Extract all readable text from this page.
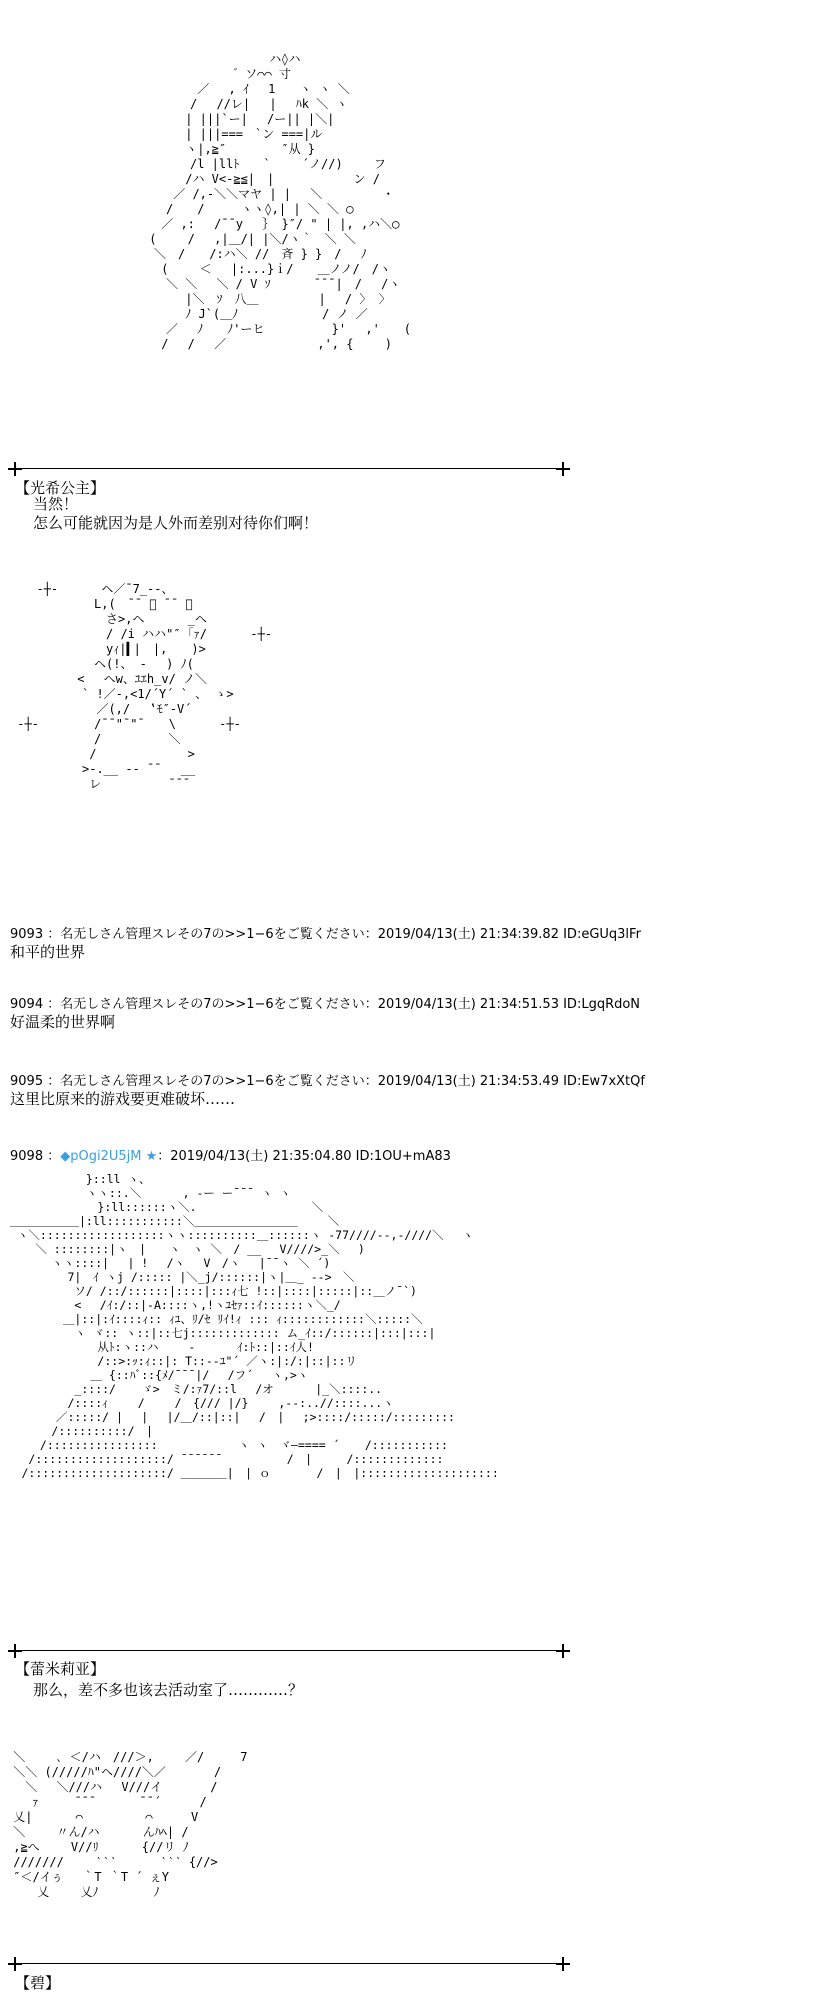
　　　　　　　　　　　　　　　　ハ◊ハ
　　　　　　　　　　　　　 ゛ソ⌒⌒ 寸
　　　　　　　　　　 ／　 , ｲ　 1　　ヽ ヽ ＼
　　　　　　　　　　/　 //レ|　 |　 ﾊk ＼ ヽ
　　　　　　　　　 | |||`ー|　 /ー|| |＼|
　　　　　　　　　 | |||===　`ン ===|ル
　　　　　　　　　 ヽ|,≧″　　　　 ″从 }
　　　　　　　　　　/l |llﾄ　　` 　　´ノ//)　　 フ
　　　　　　　　　 /ハ V<-≧≦|　|　　　　　　 ン /
　　　　　　　　 ／ /,-＼＼マヤ | |　 ＼　　　　　・
　　　　　　　　/　　/　　　ヽヽ◊,| | ＼ ＼ ◯
　　　　　　　 ／ ,:　 /¯¯y　 ｝ }″/ " | |, ,ハ＼◯
　　　　　　 (　　 /　 ,|＿/| |＼/ヽ｀　＼ ＼
　　　　　　　＼　/　　/:ハ＼ //　斉 } }　/　 ﾉ
　　　　　　　 (　　 ＜　 |:...}ｉ/　　＿ノノ/　/ヽ
　　　　　　　　＼ ＼　 ＼ / V ｿ　　　 ¯¯¯|　/　 /ヽ
　　　　　　　　　 |＼　ｿ　八＿　　　　　| 　/ 〉 〉
　　　　　　　　　 ﾉ J`(＿ﾉ　　　　　　　/ ノ ／
　　　　　　　　／　 ﾉ　　ﾉ'ーヒ　　　　　 }'　 ,'　　(
　　　　　　　 / 　/ 　／　　　　　　　 ,', {　　 )
【光希公主】
当然！
怎么可能就因为是人外而差别对待你们啊！
　 -┼-　　　 ヘ／¯7_--、
　　　　　　　L,(　¯¯ ゙ ¯¯ 、
　　　　　　　　さ>,ヘ　　　 _ヘ
　　　　　　　　/ /i ハハ"″ ｢ｧ/　　　 -┼-
　　　　　　　　yｨ|▍|　|,　　)>
　　　　　　　ヘ(!、 -　 ) ﾉ(
　　　　　 <　 ヘw、ﾕｴh_v/ ノ＼
　　　　　　` !／-,<1/´Y´ ` 、 ゝ>
　　　　　　 ／(,/　 ‛ﾓ″-V´
-┼-　　　　 /¯¯"¯"¯　　\　　　 -┼-
　　　　　　　/　　　　　 ＼
　　　　　　 /　　　　　　　 >
　　　　　　>-.__ -- ¯¯　 __
　　　　　　 レ　　　　　 ¯¯¯
9093 ：名无しさん管理スレその7の>>1−6をご覧ください：2019/04/13(土) 21:34:39.82 ID:eGUq3lFr
和平的世界
9094 ：名无しさん管理スレその7の>>1−6をご覧ください：2019/04/13(土) 21:34:51.53 ID:LgqRdoN
好温柔的世界啊
9095 ：名无しさん管理スレその7の>>1−6をご覧ください：2019/04/13(土) 21:34:53.49 ID:Ew7xXtQf
这里比原来的游戏要更难破坏……
9098 ：◆pOgi2U5jM ★：2019/04/13(土) 21:35:04.80 ID:1OU+mA83
　　　　　　 }::ll ヽ、
　　　　　　 ヽヽ::.＼　　　 , -ー ー¯¯¯ ヽ ヽ
　　　　　　　 }:ll::::::ヽ＼.　　　　　　　　　　＼
＿＿＿＿＿＿|:ll:::::::::::＼＿＿＿＿＿＿＿＿＿　　 ＼
ヽ＼::::::::::::::::::ヽヽ::::::::::＿::::::ヽ -77////--,-////＼　 ヽ
　 ＼ ::::::::|ヽ　|　　ヽ　ヽ ＼　/ __　 V////>_＼　 )
　　　 ヽヽ::::|　 | ! 　/ヽ　 V　/ヽ　 |¯¯ヽ ＼ ´)
　　　　　7|　ｲ ヽj /::::: |＼_j/::::::|ヽ|＿_ -->　＼
　　　　　 ソ/ /::/::::::|::::|:::ｨ七 !::|::::|:::::|::＿ノ¯`)
　　　　　 <　 /ｲ:/::|-A::::ヽ,!ヽﾕｾｧ::ｲ::::::ヽ＼_/
　　　　＿|::|:ｲ::::ｨ:: ｨﾕ、ﾘ/ｾ ﾘｲ!ｨ ::: ｨ::::::::::::＼:::::＼
　　　　　 ヽ ヾ:: ヽ::|::七j::::::::::::: ム_ｲ::/::::::|:::|:::|
　　　　　　　 从ﾄ:ヽ::ハ　　 -　　　 ｲ:ﾄ::|::ｲ人!
　　　　　　　 /::>:ｯ:ｨ::|: T::--ﾕ"´ ／ヽ:|:/:|::|::リ
　　　　　　　＿ {::ﾊﾞ::{ﾒ/¯¯¯|/　 /フ´　 ヽ,>ヽ
　　　　　 _::::/ 　 ゞ>　ミ/:ｧ7/::l　 /オ 　　　|_＼::::..
　　　　　/::::ｨ　　 /　　 /　{/// |/}　　 ,--:..//::::...ヽ
　　　　／:::::/ |　 |　 |/＿/::|::|　 /　|　 ;>::::/:::::/:::::::::
　　　 /::::::::::/　|
　　 /::::::::::::::::　　　　　　　ヽ ヽ　ヾ―==== ´ 　 /:::::::::::
　 /:::::::::::::::::::/ ¯¯¯¯¯¯ 　　　　　/　|　　　/:::::::::::::
　/::::::::::::::::::::/ ＿＿＿＿|　| ｏ　　　　/　|　|::::::::::::::::::::
【蕾米莉亚】
那么，差不多也该去活动室了…………？
＼　　 ､ ＜/ハ　///＞,　　 ／/　　　7
＼＼ (/////ﾊ"ヘ////＼／　　　　/
　＼　 ＼///ハ　 V///イ　　　　/
　 ｧ　　　¯¯¯　　　 ¯¯´ 　　 /
乂|　　　 ⌒ 　　　　 ⌒ 　　 V
＼　　 〃ん/ハ　　　 んﾊﾍ| /
,≧へ　　 V//ﾘ　　　 {//リ ﾉ
///////　　 ‵‵‵　　　 ‵‵‵ {//>
″＜/イぅ　 ｀T ｀T ´ ぇY
　　乂　　 乂ﾉ　　　　 ﾉ
【碧】
